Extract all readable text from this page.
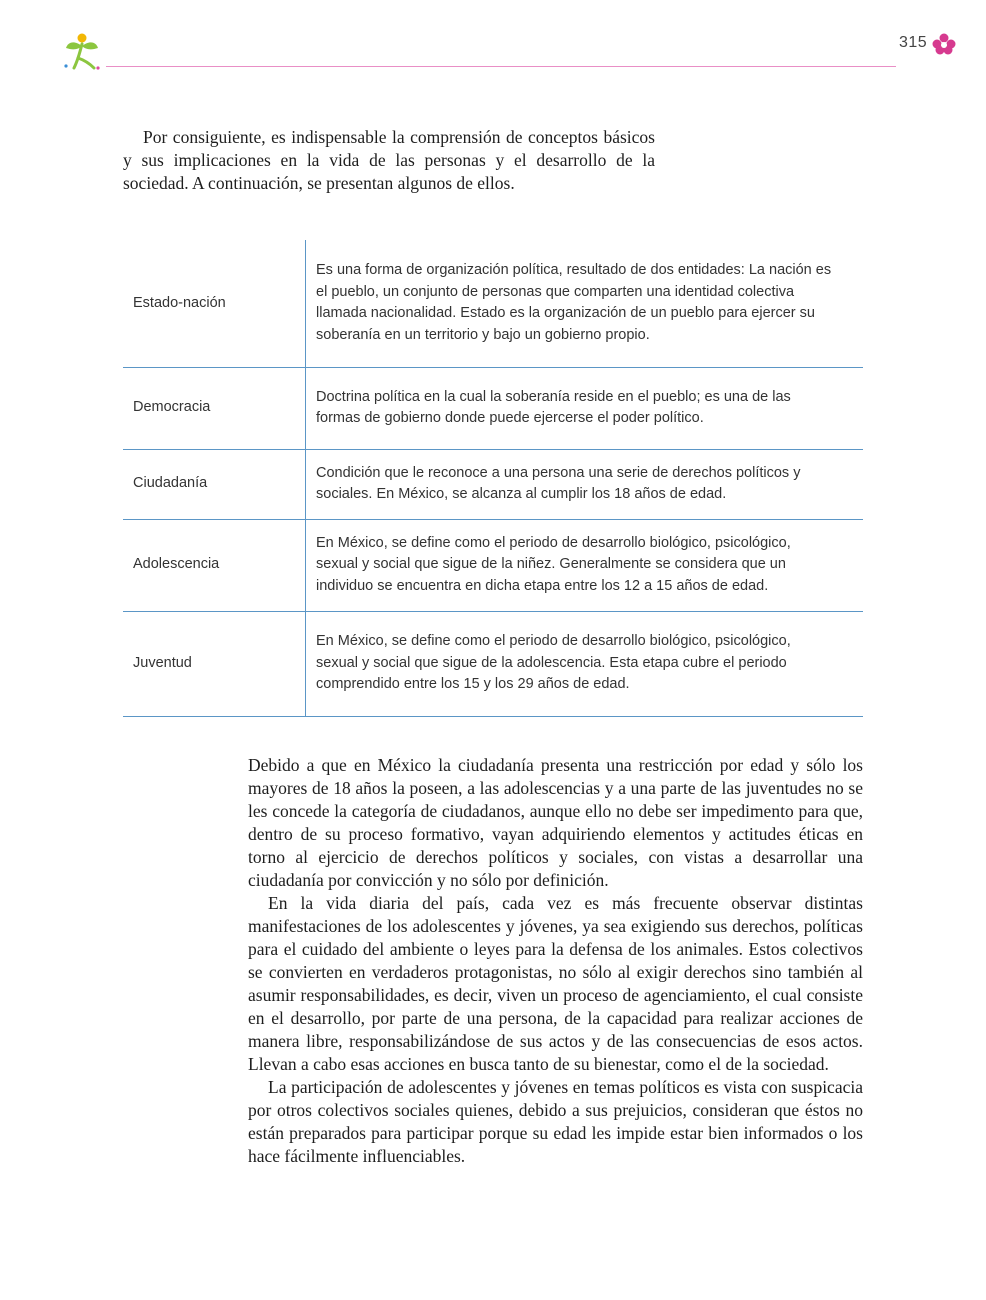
315

Por consiguiente, es indispensable la comprensión de conceptos básicos y sus implicaciones en la vida de las personas y el desarrollo de la sociedad. A continuación, se presentan algunos de ellos.

Estado-nación	Es una forma de organización política, resultado de dos entidades: La nación es el pueblo, un conjunto de personas que comparten una identidad colectiva llamada nacionalidad. Estado es la organización de un pueblo para ejercer su soberanía en un territorio y bajo un gobierno propio.
Democracia	Doctrina política en la cual la soberanía reside en el pueblo; es una de las formas de gobierno donde puede ejercerse el poder político.
Ciudadanía	Condición que le reconoce a una persona una serie de derechos políticos y sociales. En México, se alcanza al cumplir los 18 años de edad.
Adolescencia	En México, se define como el periodo de desarrollo biológico, psicológico, sexual y social que sigue de la niñez. Generalmente se considera que un individuo se encuentra en dicha etapa entre los 12 a 15 años de edad.
Juventud	En México, se define como el periodo de desarrollo biológico, psicológico, sexual y social que sigue de la adolescencia. Esta etapa cubre el periodo comprendido entre los 15 y los 29 años de edad.

Debido a que en México la ciudadanía presenta una restricción por edad y sólo los mayores de 18 años la poseen, a las adolescencias y a una parte de las juventudes no se les concede la categoría de ciudadanos, aunque ello no debe ser impedimento para que, dentro de su proceso formativo, vayan adquiriendo elementos y actitudes éticas en torno al ejercicio de derechos políticos y sociales, con vistas a desarrollar una ciudadanía por convicción y no sólo por definición.

En la vida diaria del país, cada vez es más frecuente observar distintas manifestaciones de los adolescentes y jóvenes, ya sea exigiendo sus derechos, políticas para el cuidado del ambiente o leyes para la defensa de los animales. Estos colectivos se convierten en verdaderos protagonistas, no sólo al exigir derechos sino también al asumir responsabilidades, es decir, viven un proceso de agenciamiento, el cual consiste en el desarrollo, por parte de una persona, de la capacidad para realizar acciones de manera libre, responsabilizándose de sus actos y de las consecuencias de esos actos. Llevan a cabo esas acciones en busca tanto de su bienestar, como el de la sociedad.

La participación de adolescentes y jóvenes en temas políticos es vista con suspicacia por otros colectivos sociales quienes, debido a sus prejuicios, consideran que éstos no están preparados para participar porque su edad les impide estar bien informados o los hace fácilmente influenciables.
